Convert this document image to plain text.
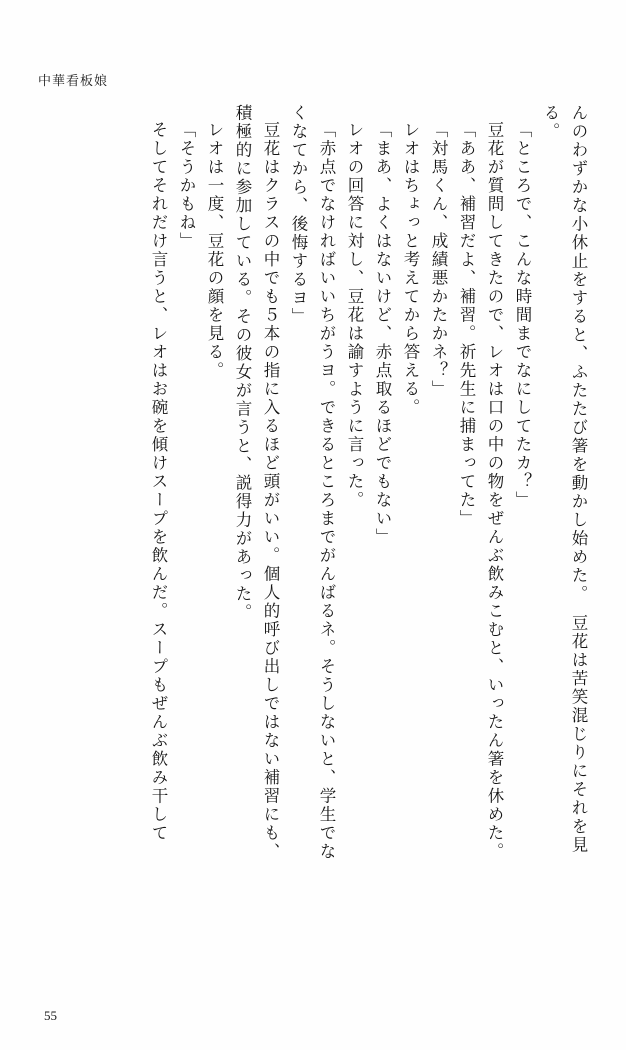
中華看板娘
んのわずかな小休止をすると、ふたたび箸を動かし始めた。　豆花は苦笑混じりにそれを見
る。
「ところで、こんな時間までなにしてたカ？」
豆花が質問してきたので、レオは口の中の物をぜんぶ飲みこむと、いったん箸を休めた。
「ああ、補習だよ、補習。祈先生に捕まってた」
「対馬くん、成績悪かたかネ？」
レオはちょっと考えてから答える。
「まあ、よくはないけど、赤点取るほどでもない」
レオの回答に対し、豆花は諭すように言った。
「赤点でなければいいちがうヨ。できるところまでがんばるネ。そうしないと、学生でな
くなてから、後悔するヨ」
豆花はクラスの中でも５本の指に入るほど頭がいい。個人的呼び出しではない補習にも、
積極的に参加している。その彼女が言うと、説得力があった。
レオは一度、豆花の顔を見る。
「そうかもね」
そしてそれだけ言うと、レオはお碗を傾けスープを飲んだ。スープもぜんぶ飲み干して
55
